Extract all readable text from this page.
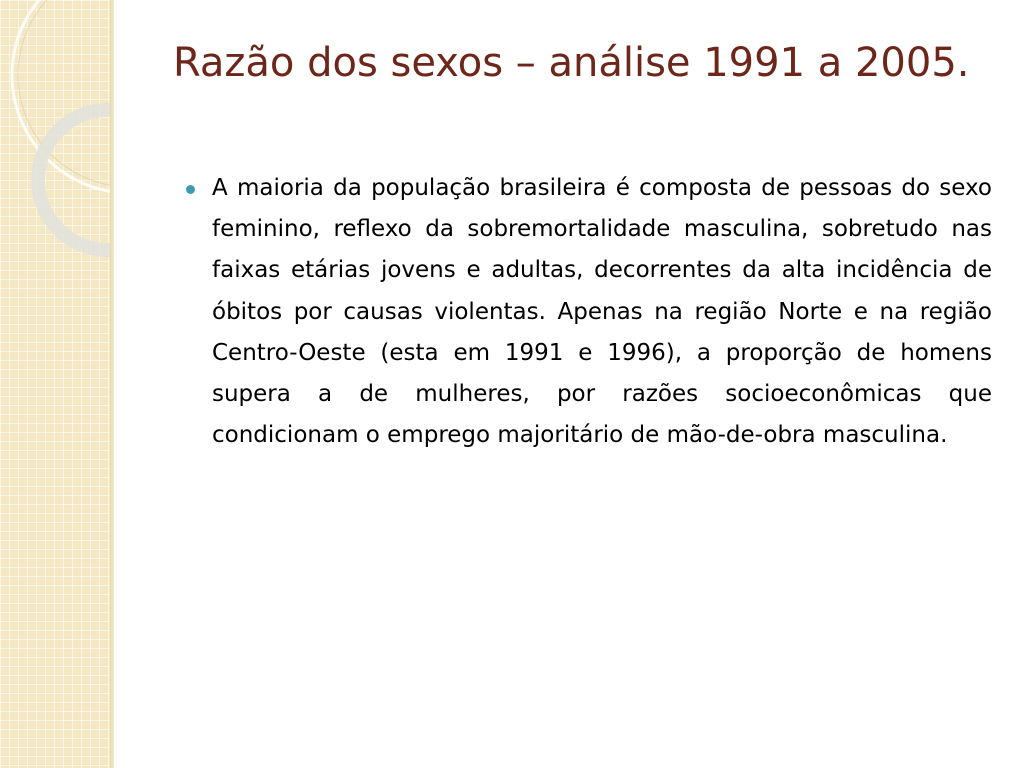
Razão dos sexos – análise 1991 a 2005.

A maioria da população brasileira é composta de pessoas do sexo feminino, reflexo da sobremortalidade masculina, sobretudo nas faixas etárias jovens e adultas, decorrentes da alta incidência de óbitos por causas violentas. Apenas na região Norte e na região Centro-Oeste (esta em 1991 e 1996), a proporção de homens supera a de mulheres, por razões socioeconômicas que condicionam o emprego majoritário de mão-de-obra masculina.
